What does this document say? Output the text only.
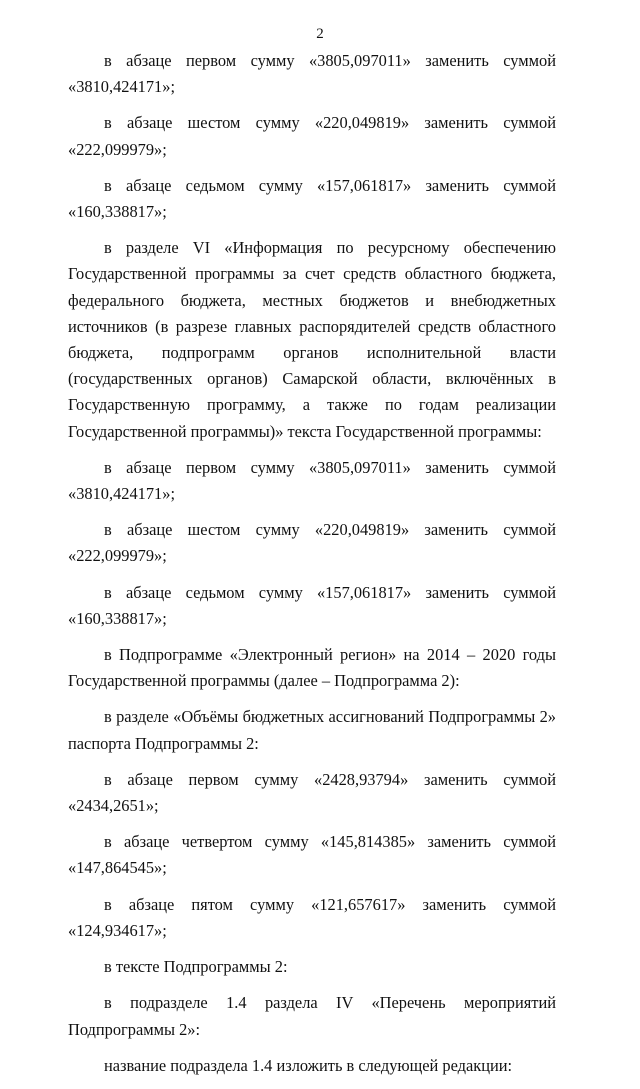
2

в абзаце первом сумму «3805,097011» заменить суммой «3810,424171»;

в абзаце шестом сумму «220,049819» заменить суммой «222,099979»;

в абзаце седьмом сумму «157,061817» заменить суммой «160,338817»;

в разделе VI «Информация по ресурсному обеспечению Государственной программы за счет средств областного бюджета, федерального бюджета, местных бюджетов и внебюджетных источников (в разрезе главных распорядителей средств областного бюджета, подпрограмм органов исполнительной власти (государственных органов) Самарской области, включённых в Государственную программу, а также по годам реализации Государственной программы)» текста Государственной программы:

в абзаце первом сумму «3805,097011» заменить суммой «3810,424171»;

в абзаце шестом сумму «220,049819» заменить суммой «222,099979»;

в абзаце седьмом сумму «157,061817» заменить суммой «160,338817»;

в Подпрограмме «Электронный регион» на 2014 – 2020 годы Государственной программы (далее – Подпрограмма 2):

в разделе «Объёмы бюджетных ассигнований Подпрограммы 2» паспорта Подпрограммы 2:

в абзаце первом сумму «2428,93794» заменить суммой «2434,2651»;

в абзаце четвертом сумму «145,814385» заменить суммой «147,864545»;

в абзаце пятом сумму «121,657617» заменить суммой «124,934617»;

в тексте Подпрограммы 2:

в подразделе 1.4 раздела IV «Перечень мероприятий Подпрограммы 2»:

название подраздела 1.4 изложить в следующей редакции:
